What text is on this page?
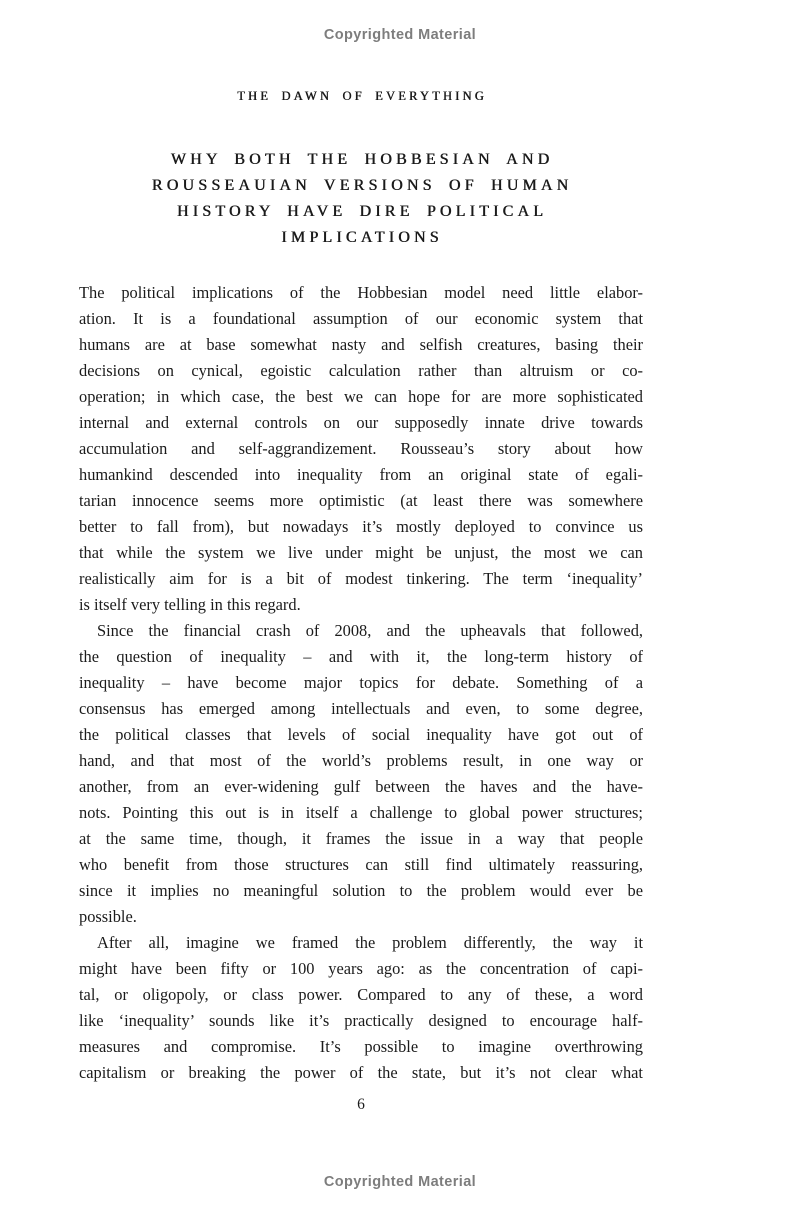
Copyrighted Material
THE DAWN OF EVERYTHING
WHY BOTH THE HOBBESIAN AND
ROUSSEAUIAN VERSIONS OF HUMAN
HISTORY HAVE DIRE POLITICAL
IMPLICATIONS
The political implications of the Hobbesian model need little elabor-
ation. It is a foundational assumption of our economic system that
humans are at base somewhat nasty and selfish creatures, basing their
decisions on cynical, egoistic calculation rather than altruism or co-
operation; in which case, the best we can hope for are more sophisticated
internal and external controls on our supposedly innate drive towards
accumulation and self-aggrandizement. Rousseau’s story about how
humankind descended into inequality from an original state of egali-
tarian innocence seems more optimistic (at least there was somewhere
better to fall from), but nowadays it’s mostly deployed to convince us
that while the system we live under might be unjust, the most we can
realistically aim for is a bit of modest tinkering. The term ‘inequality’
is itself very telling in this regard.
Since the financial crash of 2008, and the upheavals that followed,
the question of inequality – and with it, the long-term history of
inequality – have become major topics for debate. Something of a
consensus has emerged among intellectuals and even, to some degree,
the political classes that levels of social inequality have got out of
hand, and that most of the world’s problems result, in one way or
another, from an ever-widening gulf between the haves and the have-
nots. Pointing this out is in itself a challenge to global power structures;
at the same time, though, it frames the issue in a way that people
who benefit from those structures can still find ultimately reassuring,
since it implies no meaningful solution to the problem would ever be
possible.
After all, imagine we framed the problem differently, the way it
might have been fifty or 100 years ago: as the concentration of capi-
tal, or oligopoly, or class power. Compared to any of these, a word
like ‘inequality’ sounds like it’s practically designed to encourage half-
measures and compromise. It’s possible to imagine overthrowing
capitalism or breaking the power of the state, but it’s not clear what
6
Copyrighted Material
